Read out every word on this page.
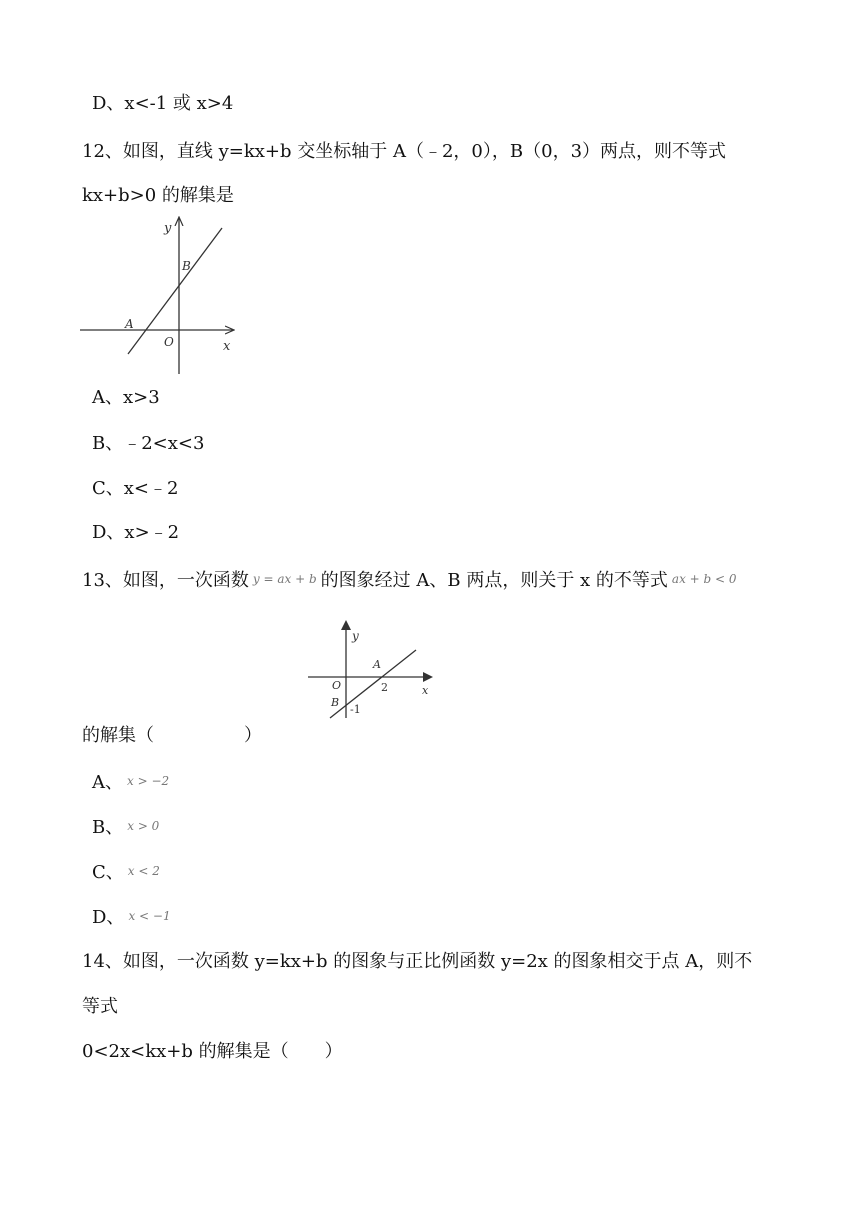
D、x<-1 或 x>4
12、如图，直线 y=kx+b 交坐标轴于 A（﹣2，0），B（0，3）两点，则不等式
kx+b>0 的解集是
y
B
A
O	x
A、x>3
B、﹣2<x<3
C、x<﹣2
D、x>﹣2
13、如图，一次函数 y = ax + b 的图象经过 A、B 两点，则关于 x 的不等式 ax + b < 0
y
A
O	2	x
B
-1
的解集（　　　　　）
A、 x > −2
B、 x > 0
C、 x < 2
D、 x < −1
14、如图，一次函数 y=kx+b 的图象与正比例函数 y=2x 的图象相交于点 A，则不
等式
0<2x<kx+b 的解集是（　　）
